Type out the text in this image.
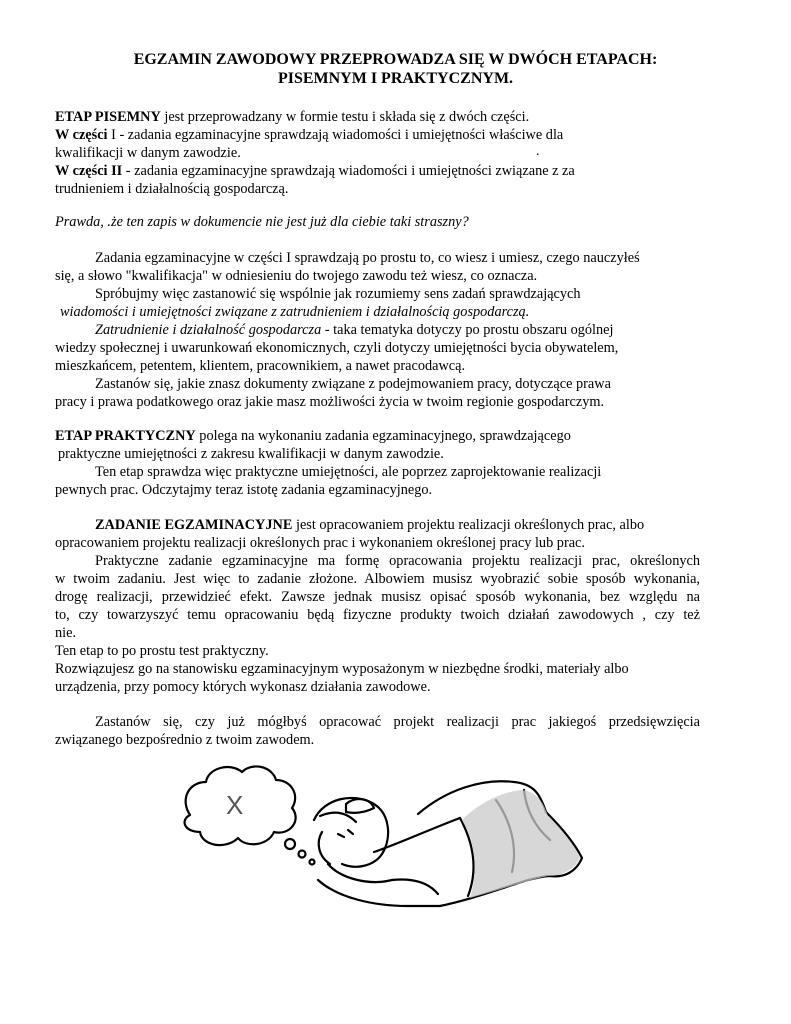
EGZAMIN ZAWODOWY PRZEPROWADZA SIĘ W DWÓCH ETAPACH:
PISEMNYM I PRAKTYCZNYM.
ETAP PISEMNY jest przeprowadzany w formie testu i składa się z dwóch części.
W części I - zadania egzaminacyjne sprawdzają wiadomości i umiejętności właściwe dla
kwalifikacji w danym zawodzie.	.
W części II - zadania egzaminacyjne sprawdzają wiadomości i umiejętności związane z za
trudnieniem i działalnością gospodarczą.
Prawda, .że ten zapis w dokumencie nie jest już dla ciebie taki straszny?
Zadania egzaminacyjne w części I sprawdzają po prostu to, co wiesz i umiesz, czego nauczyłeś
się, a słowo "kwalifikacja" w odniesieniu do twojego zawodu też wiesz, co oznacza.
Spróbujmy więc zastanowić się wspólnie jak rozumiemy sens zadań sprawdzających
wiadomości i umiejętności związane z zatrudnieniem i działalnością gospodarczą.
Zatrudnienie i działalność gospodarcza - taka tematyka dotyczy po prostu obszaru ogólnej
wiedzy społecznej i uwarunkowań ekonomicznych, czyli dotyczy umiejętności bycia obywatelem,
mieszkańcem, petentem, klientem, pracownikiem, a nawet pracodawcą.
Zastanów się, jakie znasz dokumenty związane z podejmowaniem pracy, dotyczące prawa
pracy i prawa podatkowego oraz jakie masz możliwości życia w twoim regionie gospodarczym.
ETAP PRAKTYCZNY polega na wykonaniu zadania egzaminacyjnego, sprawdzającego
praktyczne umiejętności z zakresu kwalifikacji w danym zawodzie.
Ten etap sprawdza więc praktyczne umiejętności, ale poprzez zaprojektowanie realizacji
pewnych prac. Odczytajmy teraz istotę zadania egzaminacyjnego.
ZADANIE EGZAMINACYJNE jest opracowaniem projektu realizacji określonych prac, albo
opracowaniem projektu realizacji określonych prac i wykonaniem określonej pracy lub prac.
Praktyczne zadanie egzaminacyjne ma formę opracowania projektu realizacji prac, określonych
w twoim zadaniu. Jest więc to zadanie złożone. Albowiem musisz wyobrazić sobie sposób wykonania,
drogę realizacji, przewidzieć efekt. Zawsze jednak musisz opisać sposób wykonania, bez względu na
to, czy towarzyszyć temu opracowaniu będą fizyczne produkty twoich działań zawodowych , czy też
nie.
Ten etap to po prostu test praktyczny.
Rozwiązujesz go na stanowisku egzaminacyjnym wyposażonym w niezbędne środki, materiały albo
urządzenia, przy pomocy których wykonasz działania zawodowe.
Zastanów się, czy już mógłbyś opracować projekt realizacji prac jakiegoś przedsięwzięcia
związanego bezpośrednio z twoim zawodem.
X
